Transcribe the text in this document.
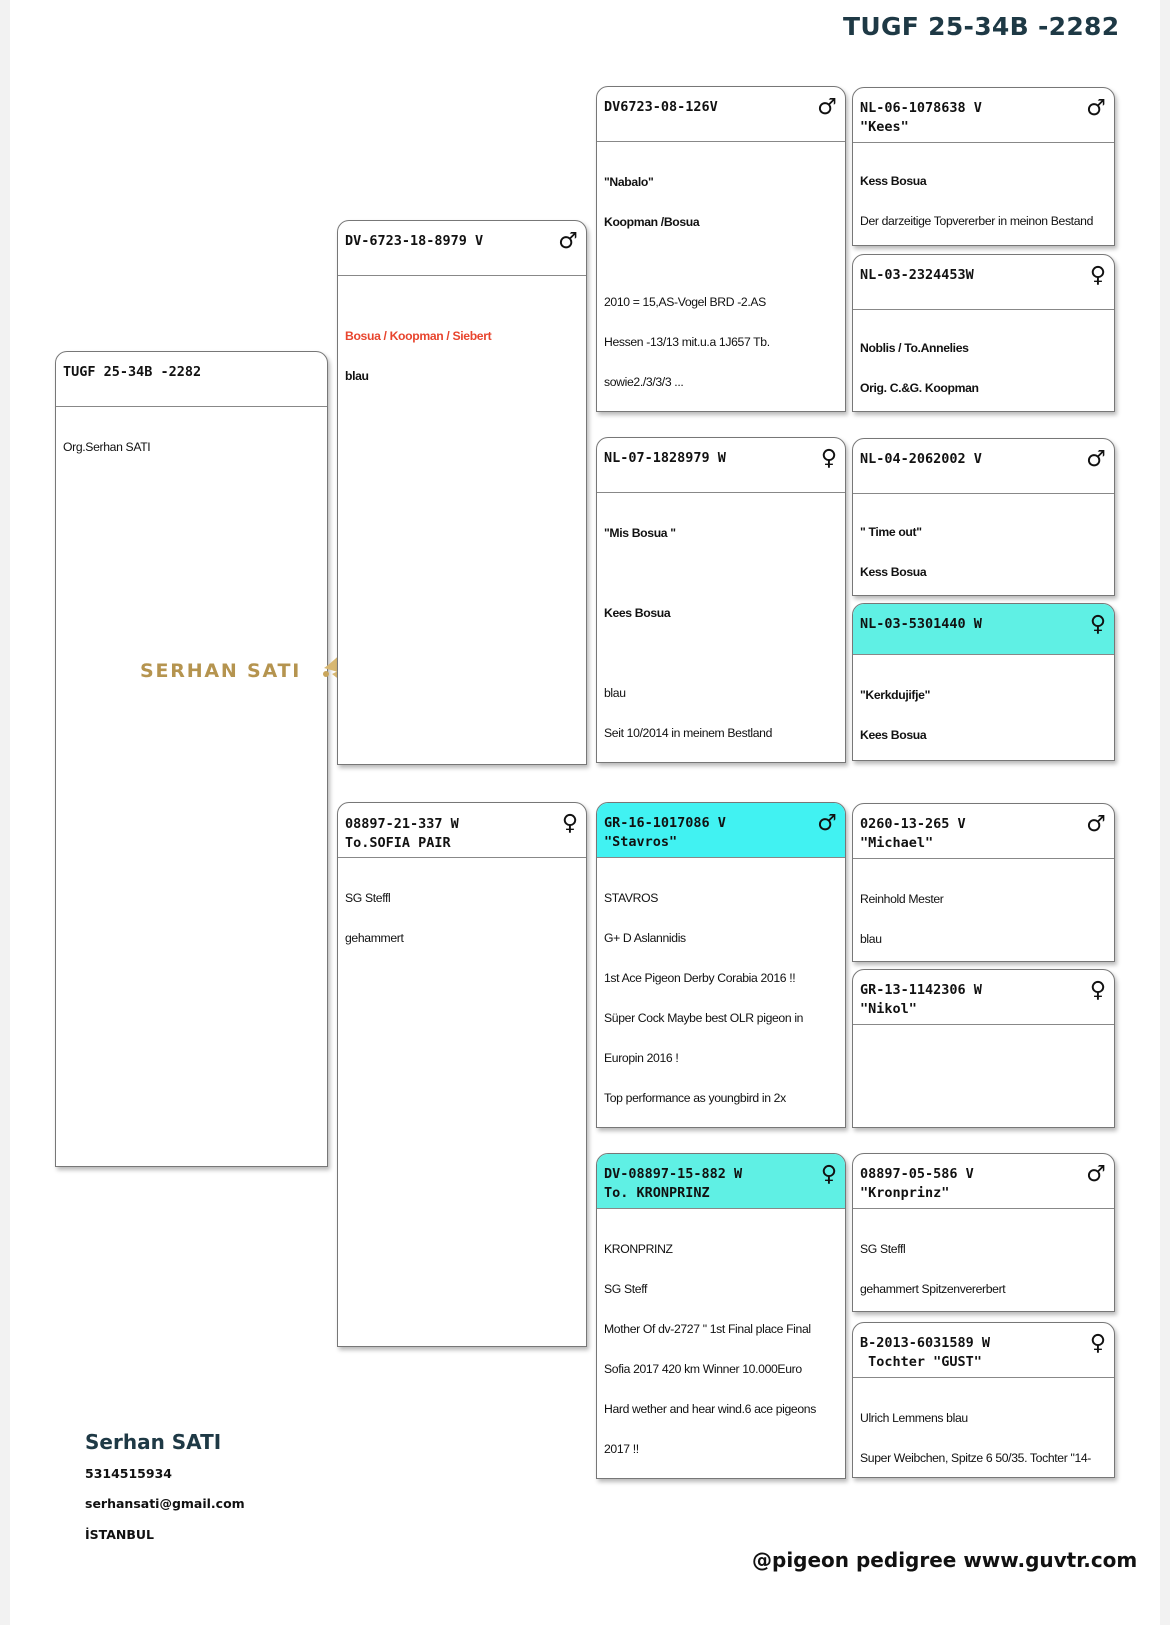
TUGF 25-34B -2282
TUGF 25-34B -2282

Org.Serhan SATI

SERHAN SATI
DV-6723-18-8979 V	♂

Bosua / Koopman / Siebert

blau

08897-21-337 W
To.SOFIA PAIR
♀

SG Steffl

gehammert

DV6723-08-126V	♂

"Nabalo"

Koopman /Bosua

2010 = 15,AS-Vogel BRD -2.AS

Hessen -13/13 mit.u.a 1J657 Tb.

sowie2./3/3/3 ...

NL-07-1828979 W	♀

"Mis Bosua "

Kees Bosua

blau

Seit 10/2014 in meinem Bestland

GR-16-1017086 V
"Stavros"
♂

STAVROS

G+ D Aslannidis

1st Ace Pigeon Derby Corabia 2016 !!

Süper Cock Maybe best OLR pigeon in

Europin 2016 !

Top performance as youngbird in 2x

DV-08897-15-882 W
To. KRONPRINZ
♀

KRONPRINZ

SG Steff

Mother Of dv-2727 " 1st Final place Final

Sofia 2017 420 km Winner 10.000Euro

Hard wether and hear wind.6 ace pigeons

2017 !!

NL-06-1078638 V
"Kees"
♂

Kess Bosua

Der darzeitige Topvererber in meinon Bestand

NL-03-2324453W	♀

Noblis / To.Annelies

Orig. C.&G. Koopman

NL-04-2062002 V	♂

" Time out"

Kess Bosua

NL-03-5301440 W	♀

"Kerkdujifje"

Kees Bosua

0260-13-265 V
"Michael"
♂

Reinhold Mester

blau

GR-13-1142306 W
"Nikol"
♀

08897-05-586 V
"Kronprinz"
♂

SG Steffl

gehammert Spitzenvererbert

B-2013-6031589 W
Tochter "GUST"
♀

Ulrich Lemmens blau

Super Weibchen, Spitze 6 50/35. Tochter "14-

Serhan SATI
5314515934
serhansati@gmail.com
İSTANBUL
@pigeon pedigree www.guvtr.com
